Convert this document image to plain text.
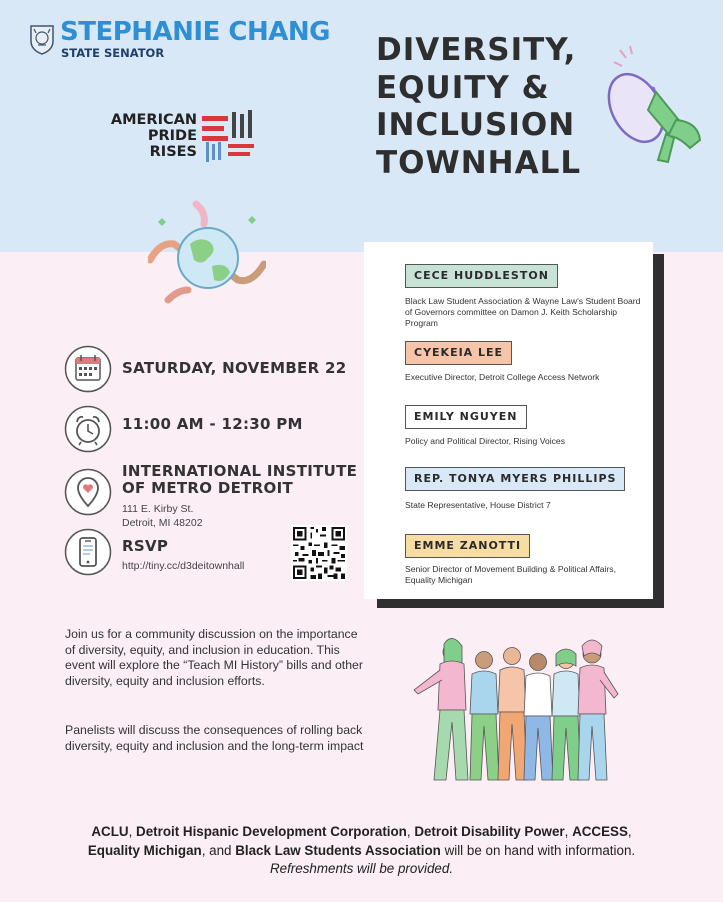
STEPHANIE CHANG
STATE SENATOR
AMERICAN
PRIDE
RISES
DIVERSITY,
EQUITY &
INCLUSION
TOWNHALL
CECE HUDDLESTON
Black Law Student Association & Wayne Law's Student Board of Governors committee on Damon J. Keith Scholarship Program
CYEKEIA LEE
Executive Director, Detroit College Access Network
EMILY NGUYEN
Policy and Political Director, Rising Voices
REP. TONYA MYERS PHILLIPS
State Representative, House District 7
EMME ZANOTTI
Senior Director of Movement Building & Political Affairs, Equality Michigan
SATURDAY, NOVEMBER 22
11:00 AM - 12:30 PM
INTERNATIONAL INSTITUTE
OF METRO DETROIT
111 E. Kirby St.
Detroit, MI 48202
RSVP
http://tiny.cc/d3deitownhall
Join us for a community discussion on the importance of diversity, equity, and inclusion in education. This event will explore the “Teach MI History” bills and other diversity, equity and inclusion efforts.
Panelists will discuss the consequences of rolling back diversity, equity and inclusion and the long-term impact
ACLU, Detroit Hispanic Development Corporation, Detroit Disability Power, ACCESS,
Equality Michigan, and Black Law Students Association will be on hand with information.
Refreshments will be provided.
